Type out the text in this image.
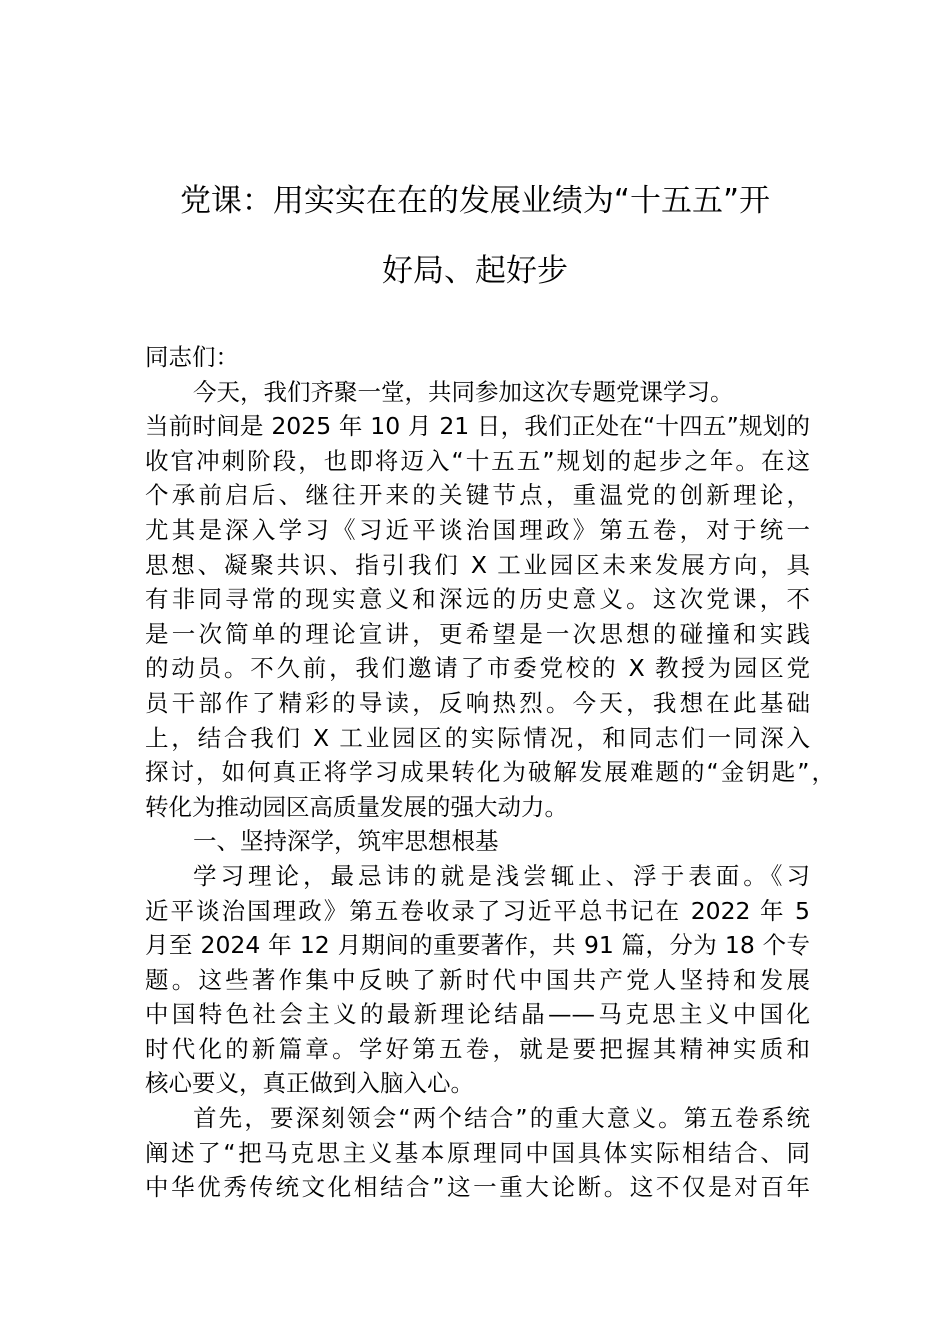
党课：用实实在在的发展业绩为“十五五”开
好局、起好步
同志们：
今天，我们齐聚一堂，共同参加这次专题党课学习。
当前时间是 2025 年 10 月 21 日，我们正处在“十四五”规划的
收官冲刺阶段，也即将迈入“十五五”规划的起步之年。在这
个承前启后、继往开来的关键节点，重温党的创新理论，
尤其是深入学习《习近平谈治国理政》第五卷，对于统一
思想、凝聚共识、指引我们 X 工业园区未来发展方向，具
有非同寻常的现实意义和深远的历史意义。这次党课，不
是一次简单的理论宣讲，更希望是一次思想的碰撞和实践
的动员。不久前，我们邀请了市委党校的 X 教授为园区党
员干部作了精彩的导读，反响热烈。今天，我想在此基础
上，结合我们 X 工业园区的实际情况，和同志们一同深入
探讨，如何真正将学习成果转化为破解发展难题的“金钥匙”，
转化为推动园区高质量发展的强大动力。
一、坚持深学，筑牢思想根基
学习理论，最忌讳的就是浅尝辄止、浮于表面。《习
近平谈治国理政》第五卷收录了习近平总书记在 2022 年 5
月至 2024 年 12 月期间的重要著作，共 91 篇，分为 18 个专
题。这些著作集中反映了新时代中国共产党人坚持和发展
中国特色社会主义的最新理论结晶——马克思主义中国化
时代化的新篇章。学好第五卷，就是要把握其精神实质和
核心要义，真正做到入脑入心。
首先，要深刻领会“两个结合”的重大意义。第五卷系统
阐述了“把马克思主义基本原理同中国具体实际相结合、同
中华优秀传统文化相结合”这一重大论断。这不仅是对百年
